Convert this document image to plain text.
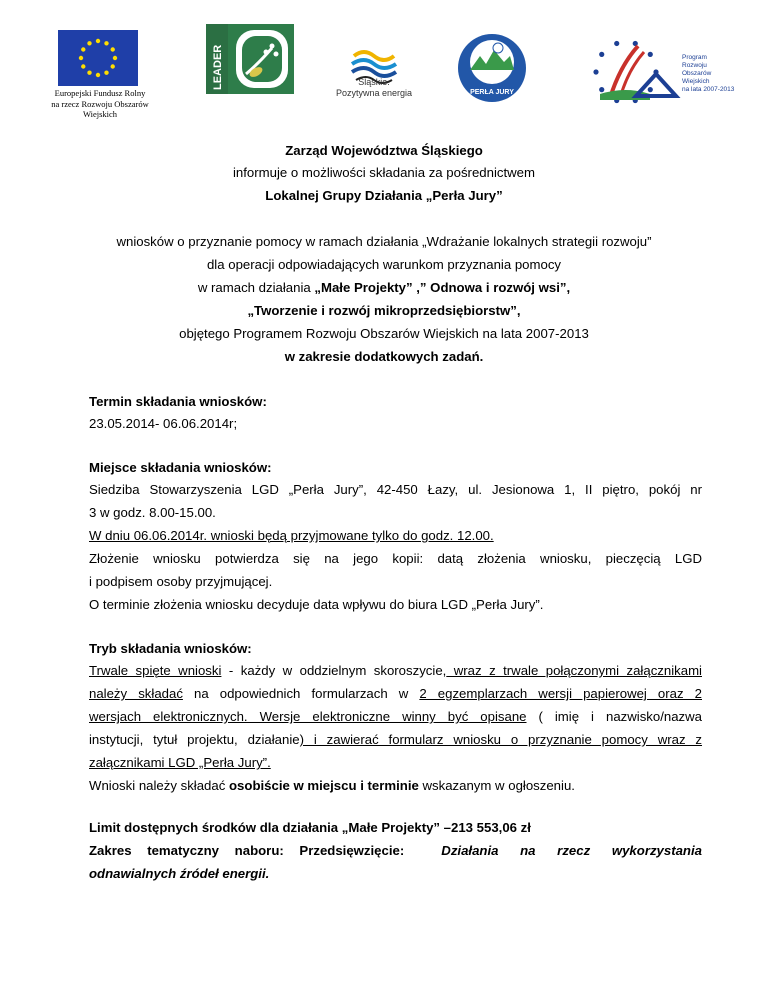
Europejski Fundusz Rolny
na rzecz Rozwoju Obszarów Wiejskich
LEADER	Śląskie.
Pozytywna energia
LGD
PERŁA JURY
Program
Rozwoju
Obszarów
Wiejskich
na lata 2007-2013
Zarząd Województwa Śląskiego
informuje o możliwości składania za pośrednictwem
Lokalnej Grupy Działania „Perła Jury”
wniosków o przyznanie pomocy w ramach działania „Wdrażanie lokalnych strategii rozwoju”
dla operacji odpowiadających warunkom przyznania pomocy
w ramach działania „Małe Projekty” ,” Odnowa i rozwój wsi”,
„Tworzenie i rozwój mikroprzedsiębiorstw”,
objętego Programem Rozwoju Obszarów Wiejskich na lata 2007-2013
w zakresie dodatkowych zadań.
Termin składania wniosków:
23.05.2014- 06.06.2014r;
Miejsce składania wniosków:
Siedziba Stowarzyszenia LGD „Perła Jury”, 42-450 Łazy, ul. Jesionowa 1, II piętro, pokój nr
3 w godz. 8.00-15.00.
W dniu 06.06.2014r. wnioski będą przyjmowane tylko do godz. 12.00.
Złożenie wniosku potwierdza się na jego kopii: datą złożenia wniosku, pieczęcią LGD
i podpisem osoby przyjmującej.
O terminie złożenia wniosku decyduje data wpływu do biura LGD „Perła Jury”.
Tryb składania wniosków:
Trwale spięte wnioski - każdy w oddzielnym skoroszycie, wraz z trwale połączonymi załącznikami
należy składać na odpowiednich formularzach w 2 egzemplarzach wersji papierowej oraz 2
wersjach elektronicznych. Wersje elektroniczne winny być opisane ( imię i nazwisko/nazwa
instytucji, tytuł projektu, działanie) i zawierać formularz wniosku o przyznanie pomocy wraz z
załącznikami LGD „Perła Jury”.
Wnioski należy składać osobiście w miejscu i terminie wskazanym w ogłoszeniu.
Limit dostępnych środków dla działania „Małe Projekty” –213 553,06 zł
Zakres tematyczny naboru: Przedsięwzięcie:	Działania na rzecz wykorzystania
odnawialnych źródeł energii.
